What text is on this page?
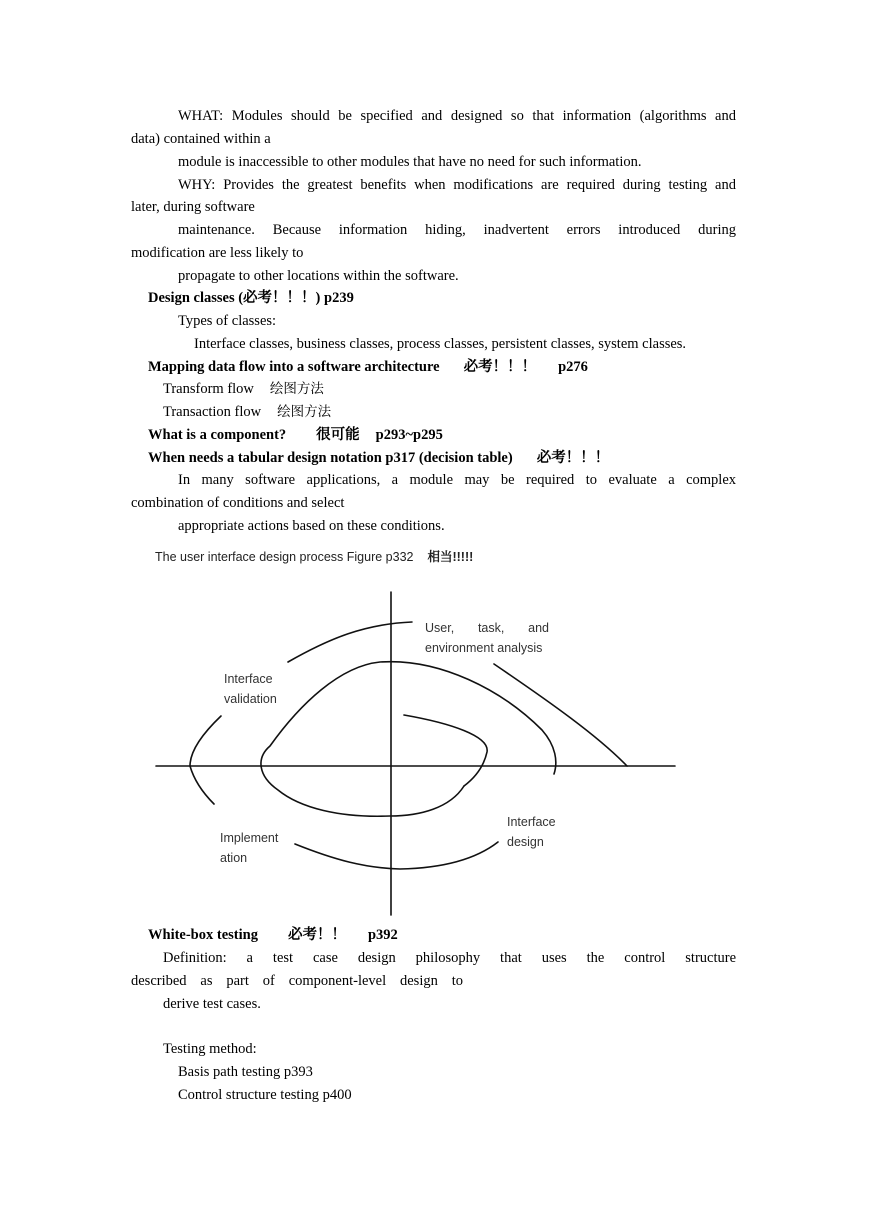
WHAT: Modules should be specified and designed so that information (algorithms and
data) contained within a
module is inaccessible to other modules that have no need for such information.
WHY: Provides the greatest benefits when modifications are required during testing and
later, during software
maintenance. Because information hiding, inadvertent errors introduced during
modification are less likely to
propagate to other locations within the software.
Design classes (必考！！！) p239
Types of classes:
Interface classes, business classes, process classes, persistent classes, system classes.
Mapping data flow into a software architecture 必考！！！ p276
Transform flow 绘图方法
Transaction flow 绘图方法
What is a component? 很可能 p293~p295
When needs a tabular design notation p317 (decision table) 必考！！！
In many software applications, a module may be required to evaluate a complex
combination of conditions and select
appropriate actions based on these conditions.
The user interface design process Figure p332 相当!!!!!
User, task, and
environment analysis
Interface
validation
Implement
ation
Interface
design
White-box testing 必考！！ p392
Definition: a test case design philosophy that uses the control structure
described as part of component-level design to
derive test cases.
Testing method:
Basis path testing p393
Control structure testing p400
